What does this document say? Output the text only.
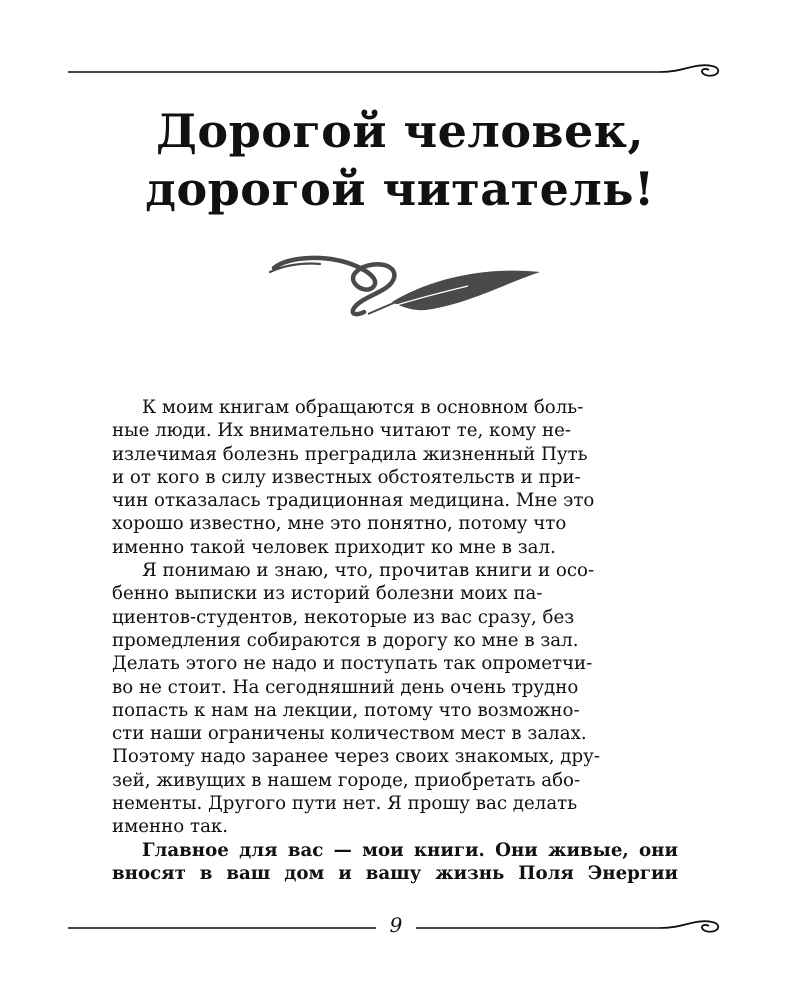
Дорогой человек,
дорогой читатель!

К моим книгам обращаются в основном боль-
ные люди. Их внимательно читают те, кому не-
излечимая болезнь преградила жизненный Путь
и от кого в силу известных обстоятельств и при-
чин отказалась традиционная медицина. Мне это
хорошо известно, мне это понятно, потому что
именно такой человек приходит ко мне в зал.

Я понимаю и знаю, что, прочитав книги и осо-
бенно выписки из историй болезни моих па-
циентов-студентов, некоторые из вас сразу, без
промедления собираются в дорогу ко мне в зал.
Делать этого не надо и поступать так опрометчи-
во не стоит. На сегодняшний день очень трудно
попасть к нам на лекции, потому что возможно-
сти наши ограничены количеством мест в залах.
Поэтому надо заранее через своих знакомых, дру-
зей, живущих в нашем городе, приобретать або-
нементы. Другого пути нет. Я прошу вас делать
именно так.

Главное для вас — мои книги. Они живые, они
вносят в ваш дом и вашу жизнь Поля Энергии

9
